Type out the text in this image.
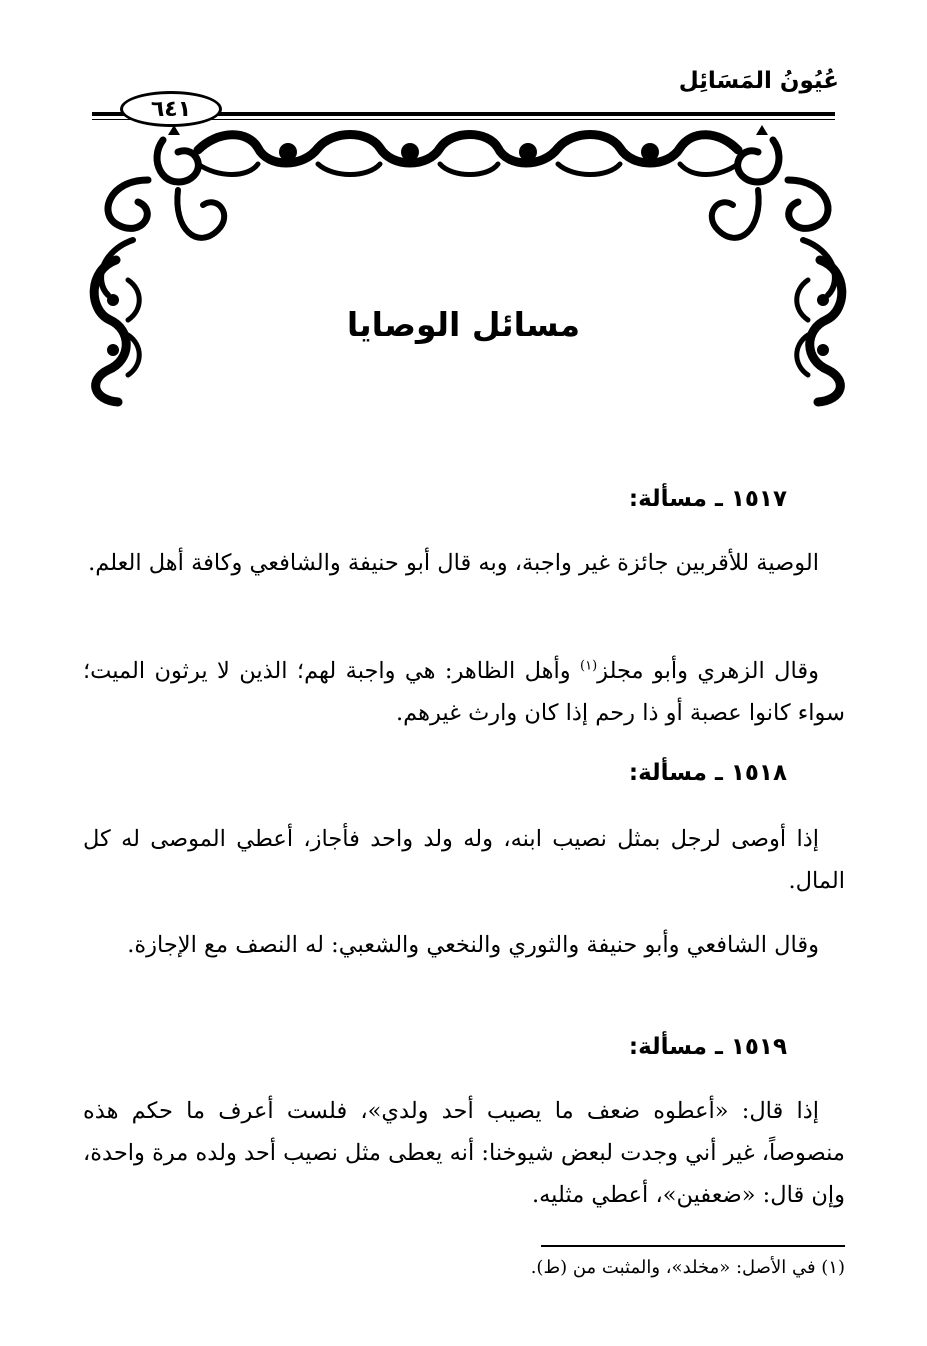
عُيُونُ المَسَائِل
٦٤١
مسائل الوصايا
١٥١٧ ـ مسألة:

الوصية للأقربين جائزة غير واجبة، وبه قال أبو حنيفة والشافعي وكافة أهل العلم.

وقال الزهري وأبو مجلز$^{(١)}$ وأهل الظاهر: هي واجبة لهم؛ الذين لا يرثون الميت؛ سواء كانوا عصبة أو ذا رحم إذا كان وارث غيرهم.

١٥١٨ ـ مسألة:

إذا أوصى لرجل بمثل نصيب ابنه، وله ولد واحد فأجاز، أعطي الموصى له كل المال.

وقال الشافعي وأبو حنيفة والثوري والنخعي والشعبي: له النصف مع الإجازة.

١٥١٩ ـ مسألة:

إذا قال: «أعطوه ضعف ما يصيب أحد ولدي»، فلست أعرف ما حكم هذه منصوصاً، غير أني وجدت لبعض شيوخنا: أنه يعطى مثل نصيب أحد ولده مرة واحدة، وإن قال: «ضعفين»، أعطي مثليه.

(١) في الأصل: «مخلد»، والمثبت من (ط).
